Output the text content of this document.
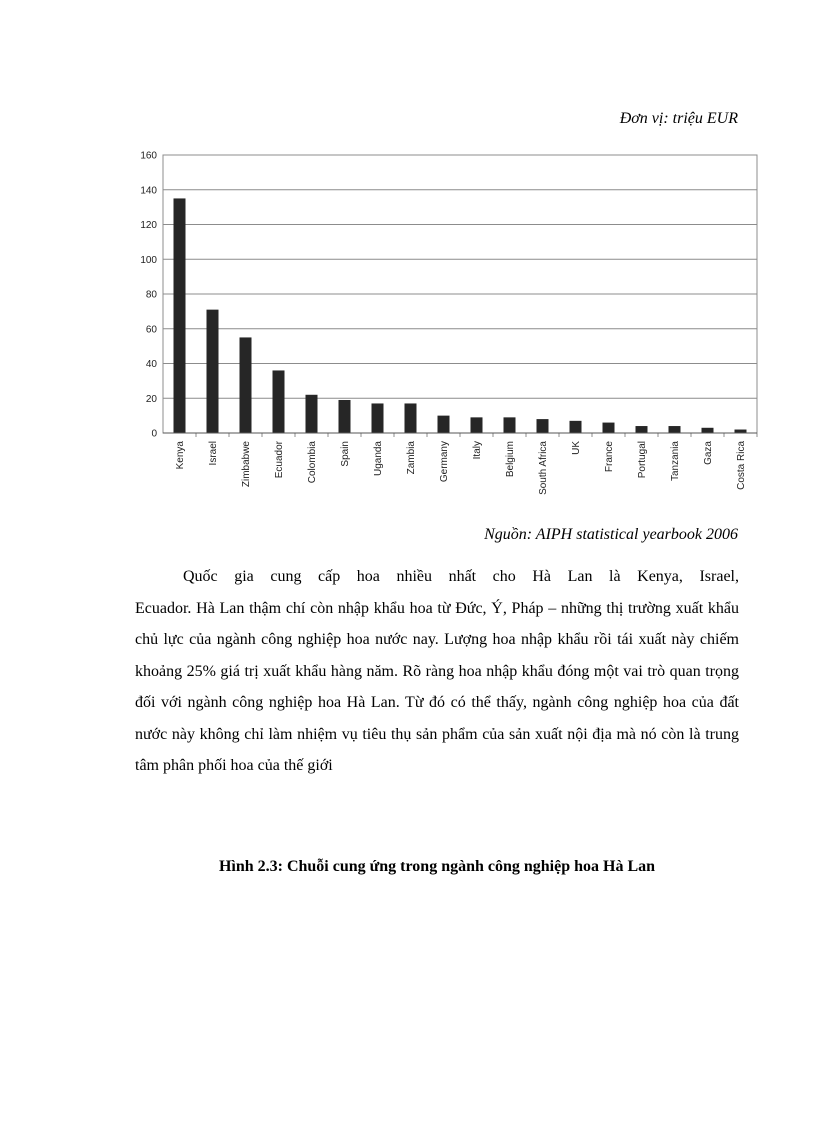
Đơn vị: triệu EUR
0
20
40
60
80
100
120
140
160
Kenya Israel Zimbabwe Ecuador Colombia Spain Uganda Zambia Germany Italy Belgium South Africa UK France Portugal Tanzania Gaza Costa Rica
Nguồn: AIPH statistical yearbook 2006
Quốc gia cung cấp hoa nhiều nhất cho Hà Lan là Kenya, Israel,
Ecuador. Hà Lan thậm chí còn nhập khẩu hoa từ Đức, Ý, Pháp – những thị trường xuất khẩu chủ lực của ngành công nghiệp hoa nước nay. Lượng hoa nhập khẩu rồi tái xuất này chiếm khoảng 25% giá trị xuất khẩu hàng năm. Rõ ràng hoa nhập khẩu đóng một vai trò quan trọng đối với ngành công nghiệp hoa Hà Lan. Từ đó có thể thấy, ngành công nghiệp hoa của đất nước này không chỉ làm nhiệm vụ tiêu thụ sản phẩm của sản xuất nội địa mà nó còn là trung tâm phân phối hoa của thế giới
Hình 2.3: Chuỗi cung ứng trong ngành công nghiệp hoa Hà Lan
